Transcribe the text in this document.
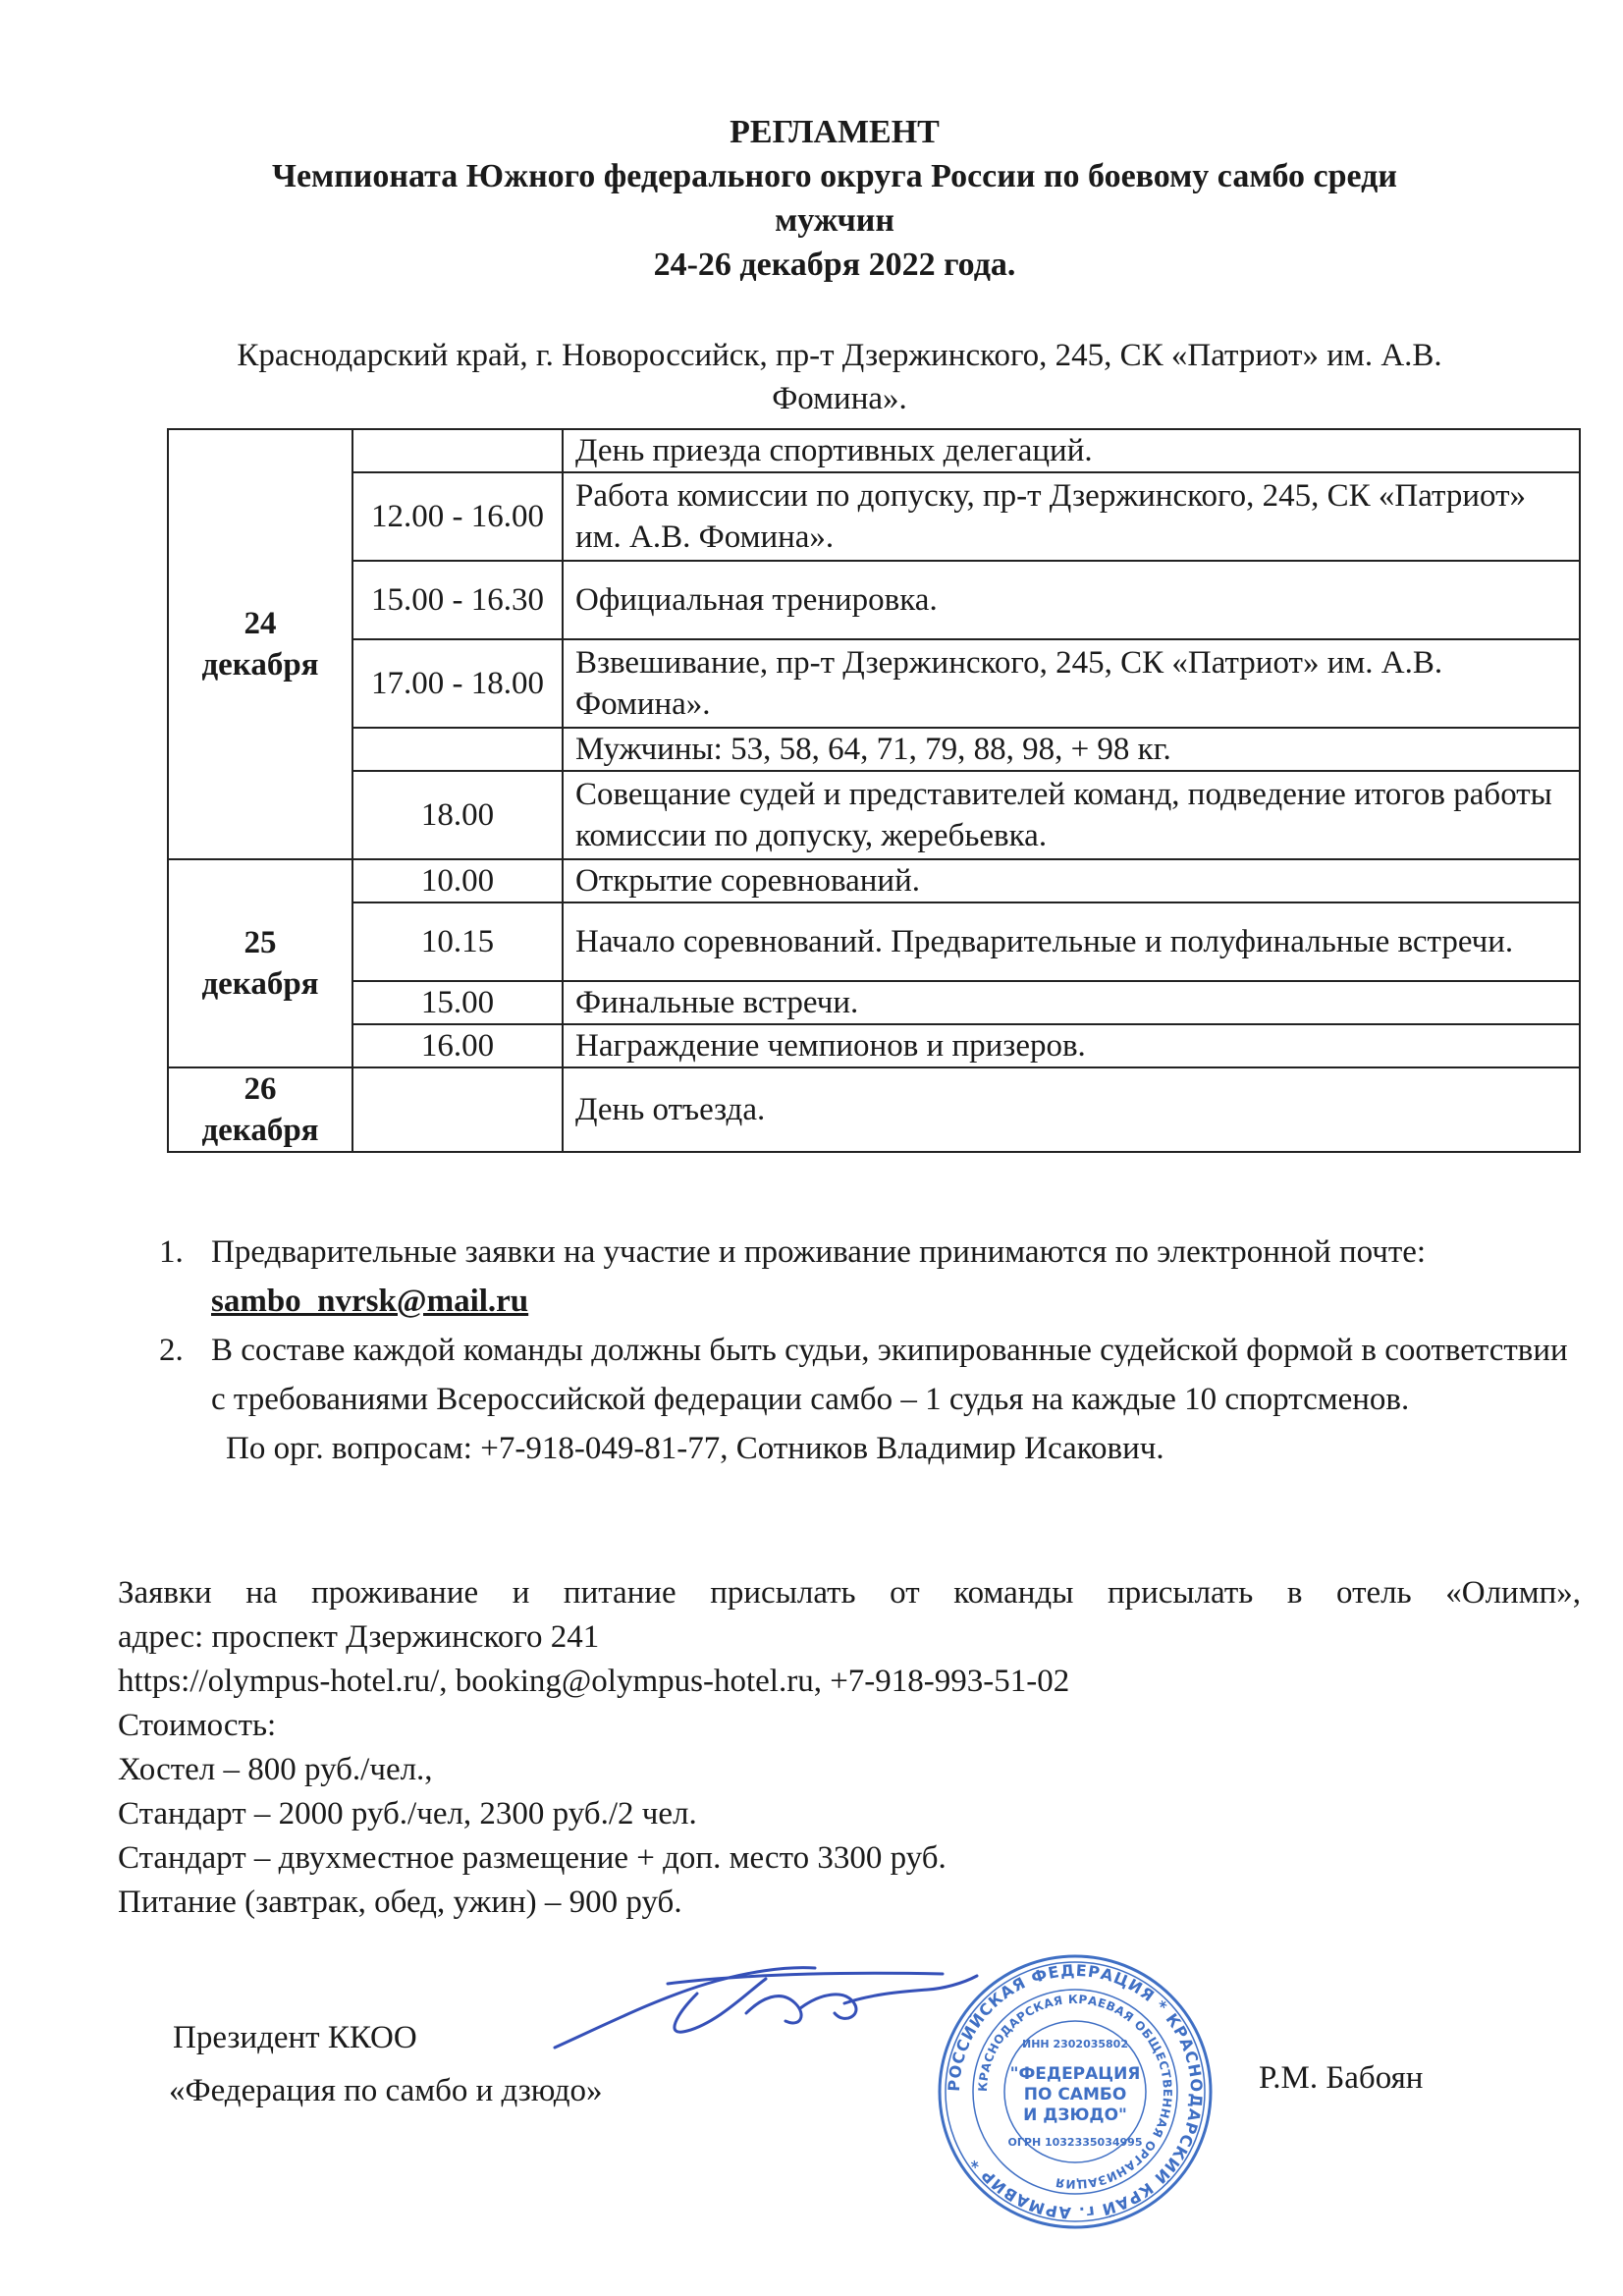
РЕГЛАМЕНТ
Чемпионата Южного федерального округа России по боевому самбо среди
мужчин
24-26 декабря 2022 года.
Краснодарский край, г. Новороссийск, пр-т Дзержинского, 245, СК «Патриот» им. А.В.
Фомина».
24
декабря		День приезда спортивных делегаций.
	12.00 - 16.00	Работа комиссии по допуску, пр-т Дзержинского, 245, СК «Патриот» им. А.В. Фомина».
	15.00 - 16.30	Официальная тренировка.
	17.00 - 18.00	Взвешивание, пр-т Дзержинского, 245, СК «Патриот» им. А.В. Фомина».
		Мужчины: 53, 58, 64, 71, 79, 88, 98, + 98 кг.
	18.00	Совещание судей и представителей команд, подведение итогов работы комиссии по допуску, жеребьевка.
25
декабря	10.00	Открытие соревнований.
	10.15	Начало соревнований. Предварительные и полуфинальные встречи.
	15.00	Финальные встречи.
	16.00	Награждение чемпионов и призеров.
26
декабря		День отъезда.
1. Предварительные заявки на участие и проживание принимаются по электронной почте: sambo_nvrsk@mail.ru
2. В составе каждой команды должны быть судьи, экипированные судейской формой в соответствии с требованиями Всероссийской федерации самбо – 1 судья на каждые 10 спортсменов.
По орг. вопросам: +7-918-049-81-77, Сотников Владимир Исакович.
Заявки на проживание и питание присылать от команды присылать в отель «Олимп»,
адрес: проспект Дзержинского 241
https://olympus-hotel.ru/, booking@olympus-hotel.ru, +7-918-993-51-02
Стоимость:
Хостел – 800 руб./чел.,
Стандарт – 2000 руб./чел, 2300 руб./2 чел.
Стандарт – двухместное размещение + доп. место 3300 руб.
Питание (завтрак, обед, ужин) – 900 руб.
Президент ККОО
«Федерация по самбо и дзюдо»	Р.М. Бабоян
РОССИЙСКАЯ ФЕДЕРАЦИЯ * КРАСНОДАРСКИЙ КРАЙ г. АРМАВИР *
КРАСНОДАРСКАЯ КРАЕВАЯ ОБЩЕСТВЕННАЯ ОРГАНИЗАЦИЯ
ИНН 2302035802
ОГРН 1032335034995
"ФЕДЕРАЦИЯ
ПО САМБО
И ДЗЮДО"
